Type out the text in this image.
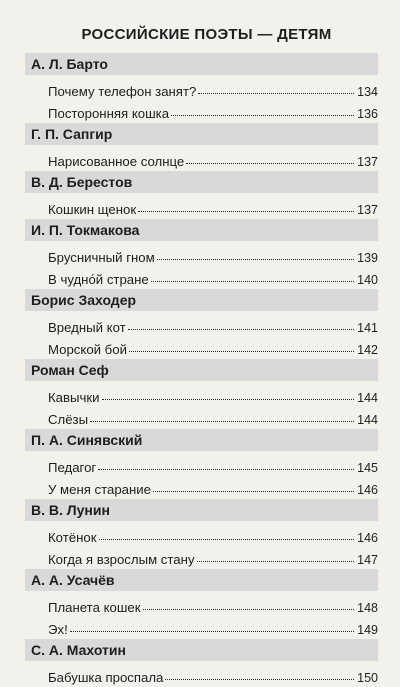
РОССИЙСКИЕ ПОЭТЫ — ДЕТЯМ
А. Л. Барто
Почему телефон занят?	134
Посторонняя кошка	136
Г. П. Сапгир
Нарисованное солнце	137
В. Д. Берестов
Кошкин щенок	137
И. П. Токмакова
Брусничный гном	139
В чудно́й стране	140
Борис Заходер
Вредный кот	141
Морской бой	142
Роман Сеф
Кавычки	144
Слёзы	144
П. А. Синявский
Педагог	145
У меня старание	146
В. В. Лунин
Котёнок	146
Когда я взрослым стану	147
А. А. Усачёв
Планета кошек	148
Эх!	149
С. А. Махотин
Бабушка проспала	150
